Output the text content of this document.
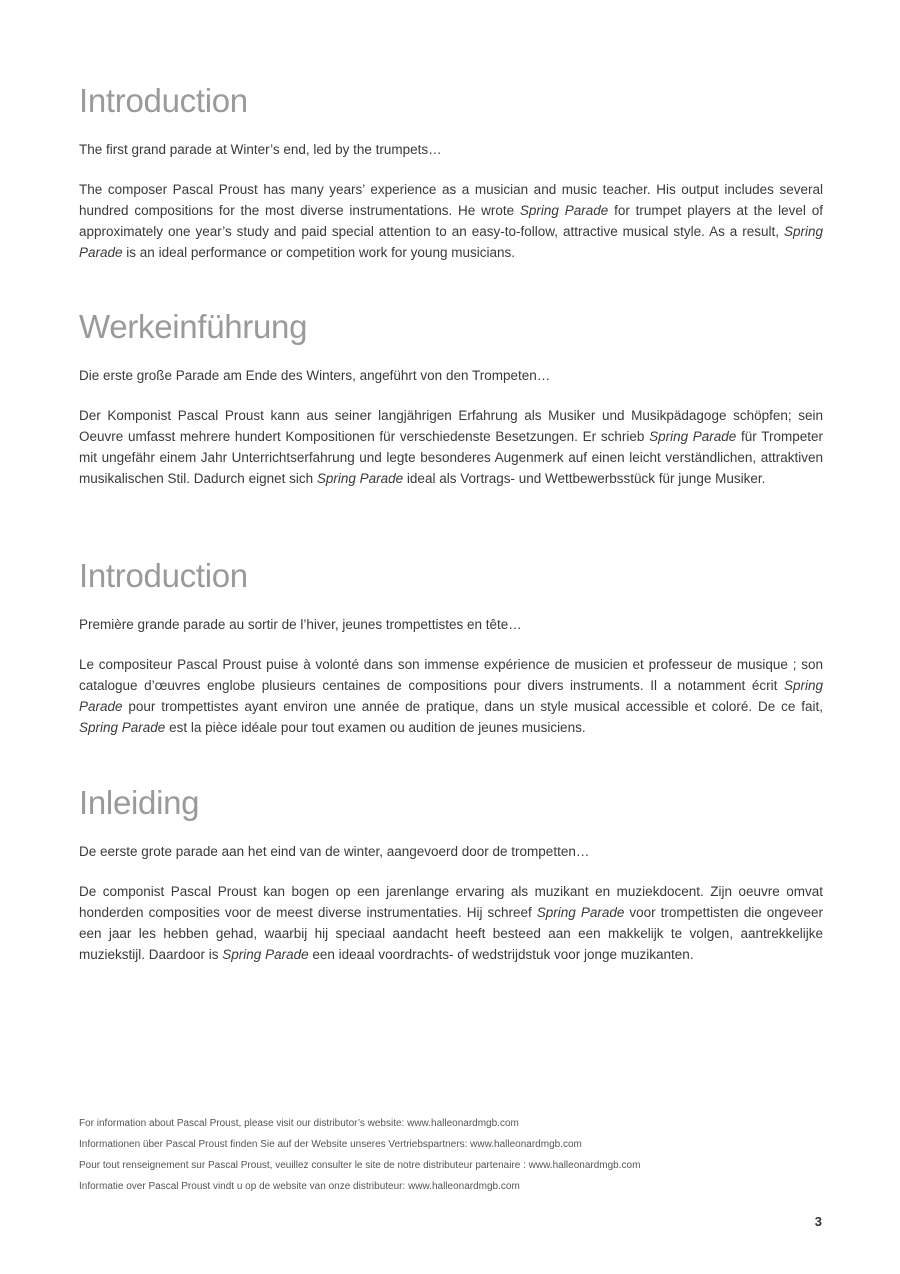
Introduction

The first grand parade at Winter’s end, led by the trumpets…

The composer Pascal Proust has many years’ experience as a musician and music teacher. His output includes several hundred compositions for the most diverse instrumentations. He wrote Spring Parade for trumpet players at the level of approximately one year’s study and paid special attention to an easy-to-follow, attractive musical style. As a result, Spring Parade is an ideal performance or competition work for young musicians.

Werkeinführung

Die erste große Parade am Ende des Winters, angeführt von den Trompeten…

Der Komponist Pascal Proust kann aus seiner langjährigen Erfahrung als Musiker und Musikpädagoge schöpfen; sein Oeuvre umfasst mehrere hundert Kompositionen für verschiedenste Besetzungen. Er schrieb Spring Parade für Trompeter mit ungefähr einem Jahr Unterrichtserfahrung und legte besonderes Augenmerk auf einen leicht verständlichen, attraktiven musikalischen Stil. Dadurch eignet sich Spring Parade ideal als Vortrags- und Wettbewerbsstück für junge Musiker.

Introduction

Première grande parade au sortir de l’hiver, jeunes trompettistes en tête…

Le compositeur Pascal Proust puise à volonté dans son immense expérience de musicien et professeur de musique ; son catalogue d’œuvres englobe plusieurs centaines de compositions pour divers instruments. Il a notamment écrit Spring Parade pour trompettistes ayant environ une année de pratique, dans un style musical accessible et coloré. De ce fait, Spring Parade est la pièce idéale pour tout examen ou audition de jeunes musiciens.

Inleiding

De eerste grote parade aan het eind van de winter, aangevoerd door de trompetten…

De componist Pascal Proust kan bogen op een jarenlange ervaring als muzikant en muziekdocent. Zijn oeuvre omvat honderden composities voor de meest diverse instrumentaties. Hij schreef Spring Parade voor trompettisten die ongeveer een jaar les hebben gehad, waarbij hij speciaal aandacht heeft besteed aan een makkelijk te volgen, aantrekkelijke muziekstijl. Daardoor is Spring Parade een ideaal voordrachts- of wedstrijdstuk voor jonge muzikanten.

For information about Pascal Proust, please visit our distributor’s website: www.halleonardmgb.com

Informationen über Pascal Proust finden Sie auf der Website unseres Vertriebspartners: www.halleonardmgb.com

Pour tout renseignement sur Pascal Proust, veuillez consulter le site de notre distributeur partenaire : www.halleonardmgb.com

Informatie over Pascal Proust vindt u op de website van onze distributeur: www.halleonardmgb.com

3
